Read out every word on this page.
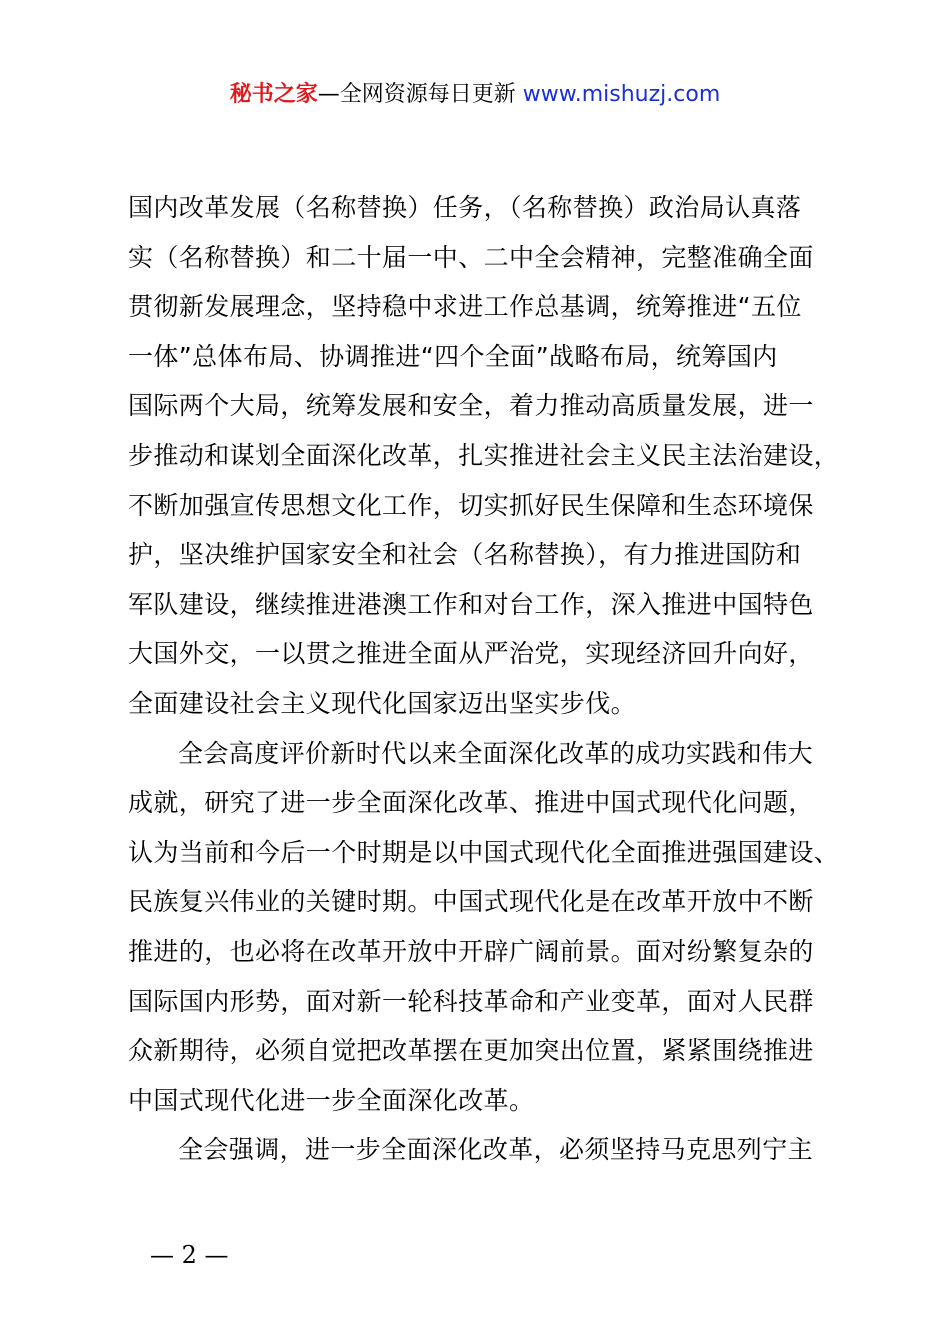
秘书之家—全网资源每日更新 www.mishuzj.com
国内改革发展（名称替换）任务，（名称替换）政治局认真落
实（名称替换）和二十届一中、二中全会精神，完整准确全面
贯彻新发展理念，坚持稳中求进工作总基调，统筹推进“五位
一体”总体布局、协调推进“四个全面”战略布局，统筹国内
国际两个大局，统筹发展和安全，着力推动高质量发展，进一
步推动和谋划全面深化改革，扎实推进社会主义民主法治建设，
不断加强宣传思想文化工作，切实抓好民生保障和生态环境保
护，坚决维护国家安全和社会（名称替换），有力推进国防和
军队建设，继续推进港澳工作和对台工作，深入推进中国特色
大国外交，一以贯之推进全面从严治党，实现经济回升向好，
全面建设社会主义现代化国家迈出坚实步伐。
全会高度评价新时代以来全面深化改革的成功实践和伟大
成就，研究了进一步全面深化改革、推进中国式现代化问题，
认为当前和今后一个时期是以中国式现代化全面推进强国建设、
民族复兴伟业的关键时期。中国式现代化是在改革开放中不断
推进的，也必将在改革开放中开辟广阔前景。面对纷繁复杂的
国际国内形势，面对新一轮科技革命和产业变革，面对人民群
众新期待，必须自觉把改革摆在更加突出位置，紧紧围绕推进
中国式现代化进一步全面深化改革。
全会强调，进一步全面深化改革，必须坚持马克思列宁主
— 2 —
